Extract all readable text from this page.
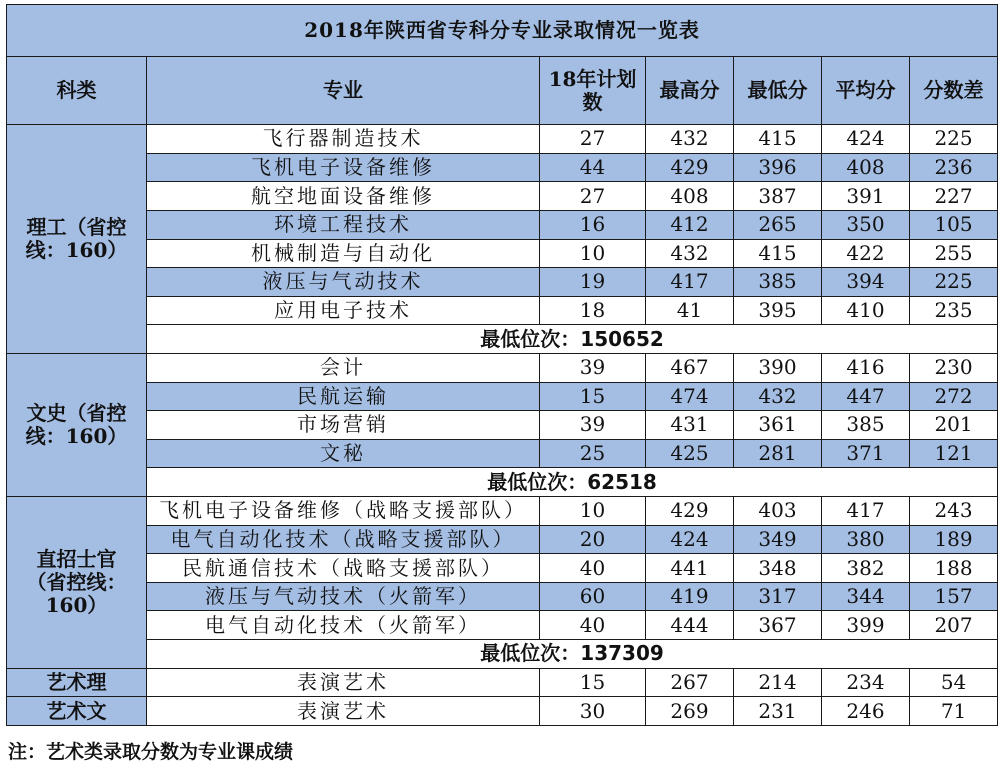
2018年陕西省专科分专业录取情况一览表						
科类	专业	18年计划数	最高分	最低分	平均分	分数差
理工（省控线：160）	飞行器制造技术	27	432	415	424	225
	飞机电子设备维修	44	429	396	408	236
	航空地面设备维修	27	408	387	391	227
	环境工程技术	16	412	265	350	105
	机械制造与自动化	10	432	415	422	255
	液压与气动技术	19	417	385	394	225
	应用电子技术	18	41	395	410	235
	最低位次：150652					
文史（省控线：160）	会计	39	467	390	416	230
	民航运输	15	474	432	447	272
	市场营销	39	431	361	385	201
	文秘	25	425	281	371	121
	最低位次：62518					
直招士官（省控线：160）	飞机电子设备维修（战略支援部队）	10	429	403	417	243
	电气自动化技术（战略支援部队）	20	424	349	380	189
	民航通信技术（战略支援部队）	40	441	348	382	188
	液压与气动技术（火箭军）	60	419	317	344	157
	电气自动化技术（火箭军）	40	444	367	399	207
	最低位次：137309					
艺术理	表演艺术	15	267	214	234	54
艺术文	表演艺术	30	269	231	246	71
注：艺术类录取分数为专业课成绩
